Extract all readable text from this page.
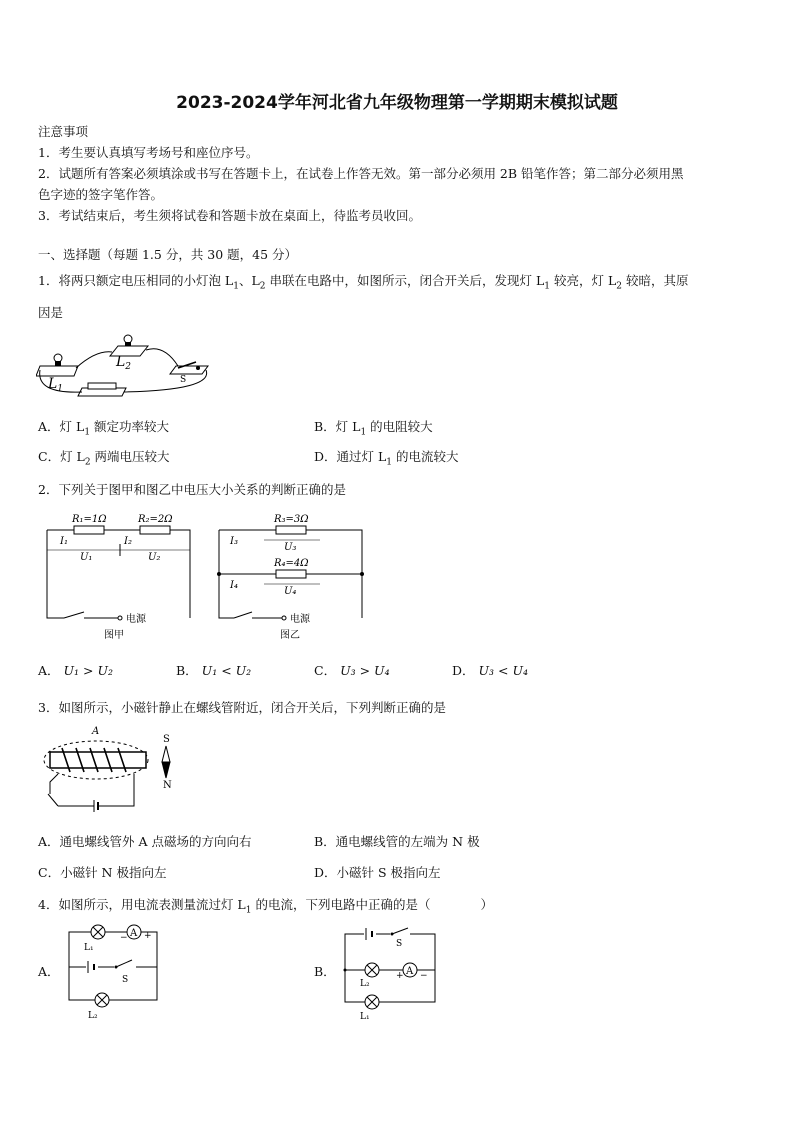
2023-2024学年河北省九年级物理第一学期期末模拟试题
注意事项
1．考生要认真填写考场号和座位序号。
2．试题所有答案必须填涂或书写在答题卡上，在试卷上作答无效。第一部分必须用 2B 铅笔作答；第二部分必须用黑
色字迹的签字笔作答。
3．考试结束后，考生须将试卷和答题卡放在桌面上，待监考员收回。
一、选择题（每题 1.5 分，共 30 题，45 分）
1．将两只额定电压相同的小灯泡 $L_1$、$L_2$ 串联在电路中，如图所示，闭合开关后，发现灯 $L_1$ 较亮，灯 $L_2$ 较暗，其原
因是
$L_1$
$L_2$
S
A．灯 $L_1$ 额定功率较大	B．灯 $L_1$ 的电阻较大
C．灯 $L_2$ 两端电压较大	D．通过灯 $L_1$ 的电流较大
2．下列关于图甲和图乙中电压大小关系的判断正确的是
R₁=1Ω	R₂=2Ω
I₁	I₂
U₁	U₂
电源
图甲
R₃=3Ω
R₄=4Ω
I₃
I₄
U₃
U₄
电源
图乙
A． U₁ > U₂	B． U₁ < U₂	C． U₃ > U₄	D． U₃ < U₄
3．如图所示，小磁针静止在螺线管附近，闭合开关后，下列判断正确的是
A
S
N
A．通电螺线管外 A 点磁场的方向向右	B．通电螺线管的左端为 N 极
C．小磁针 N 极指向左	D．小磁针 S 极指向左
4．如图所示，用电流表测量流过灯 $L_1$ 的电流，下列电路中正确的是（　　　　）
A．
A +
−
L₁
S
L₂
B．
S
L₂
A
+ −
L₁
